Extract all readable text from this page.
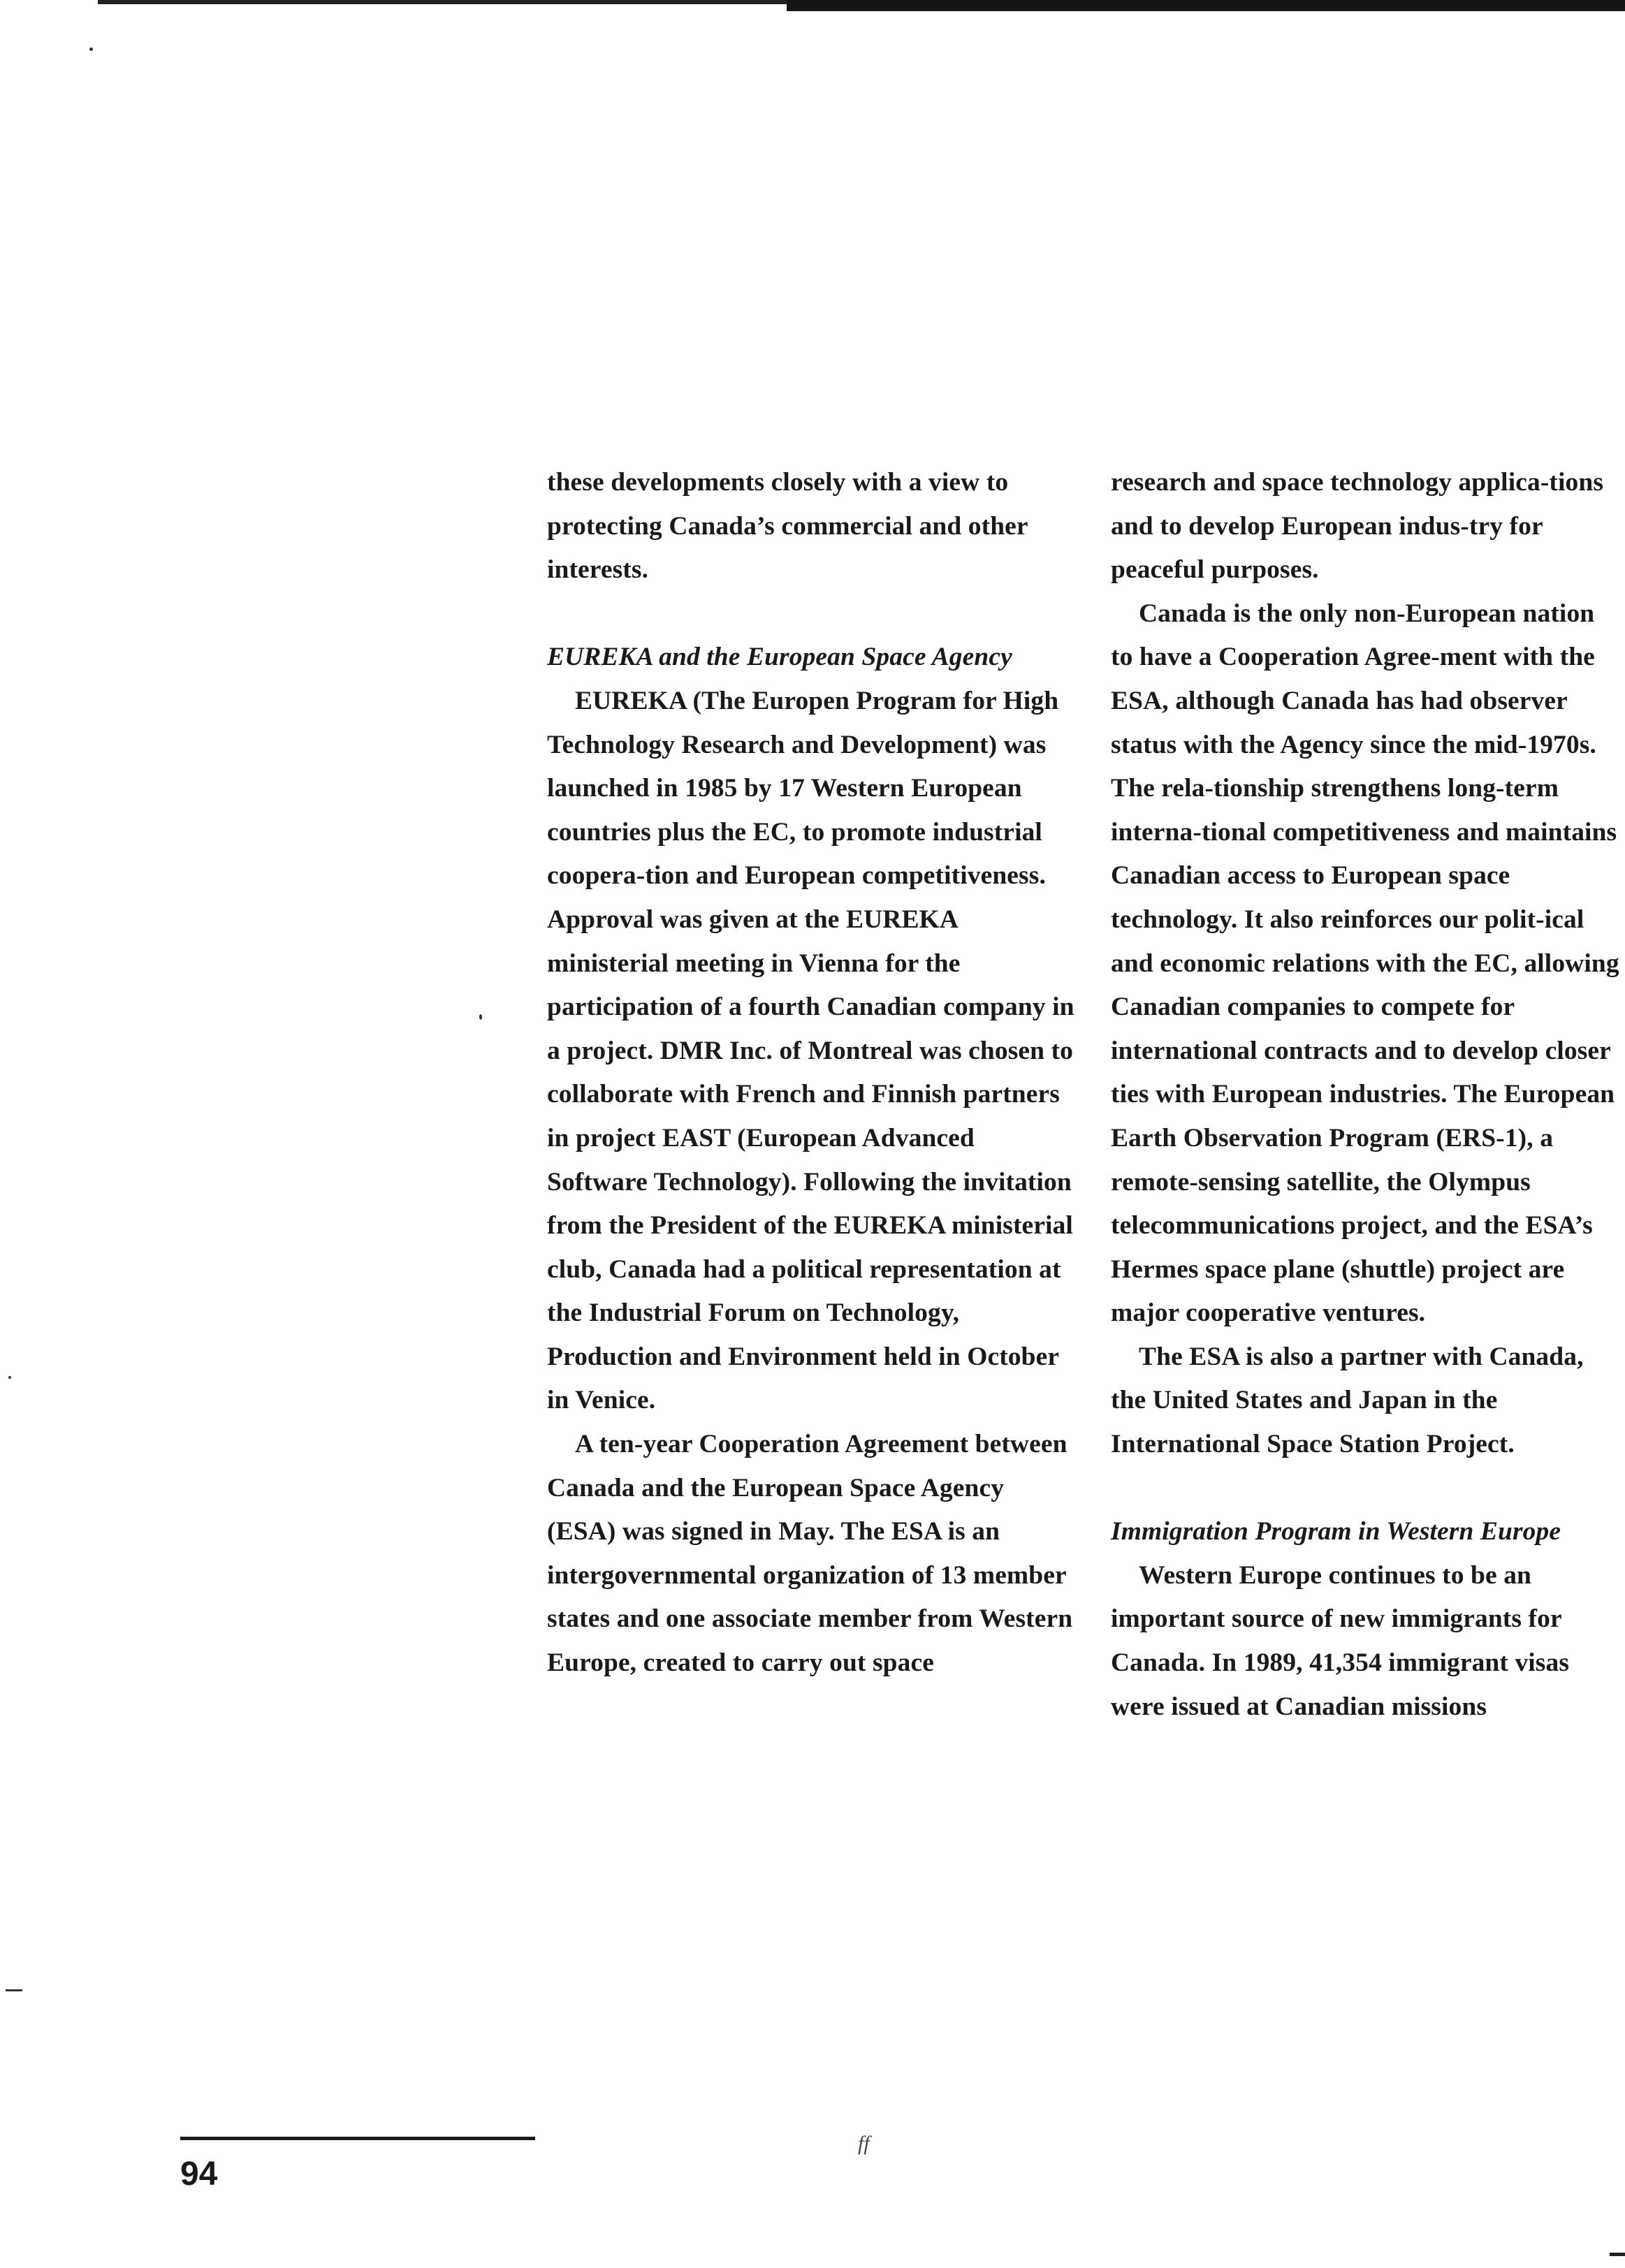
these developments closely with a view to protecting Canada’s commercial and other interests.

EUREKA and the European Space Agency

EUREKA (The Europen Program for High Technology Research and Development) was launched in 1985 by 17 Western European countries plus the EC, to promote industrial coopera-tion and European competitiveness. Approval was given at the EUREKA ministerial meeting in Vienna for the participation of a fourth Canadian company in a project. DMR Inc. of Montreal was chosen to collaborate with French and Finnish partners in project EAST (European Advanced Software Technology). Following the invitation from the President of the EUREKA ministerial club, Canada had a political representation at the Industrial Forum on Technology, Production and Environment held in October in Venice.

A ten-year Cooperation Agreement between Canada and the European Space Agency (ESA) was signed in May. The ESA is an intergovernmental organization of 13 member states and one associate member from Western Europe, created to carry out space

research and space technology applica-tions and to develop European indus-try for peaceful purposes.

Canada is the only non-European nation to have a Cooperation Agree-ment with the ESA, although Canada has had observer status with the Agency since the mid-1970s. The rela-tionship strengthens long-term interna-tional competitiveness and maintains Canadian access to European space technology. It also reinforces our polit-ical and economic relations with the EC, allowing Canadian companies to compete for international contracts and to develop closer ties with European industries. The European Earth Observation Program (ERS-1), a remote-sensing satellite, the Olympus telecommunications project, and the ESA’s Hermes space plane (shuttle) project are major cooperative ventures.

The ESA is also a partner with Canada, the United States and Japan in the International Space Station Project.

Immigration Program in Western Europe

Western Europe continues to be an important source of new immigrants for Canada. In 1989, 41,354 immigrant visas were issued at Canadian missions

94
ff
